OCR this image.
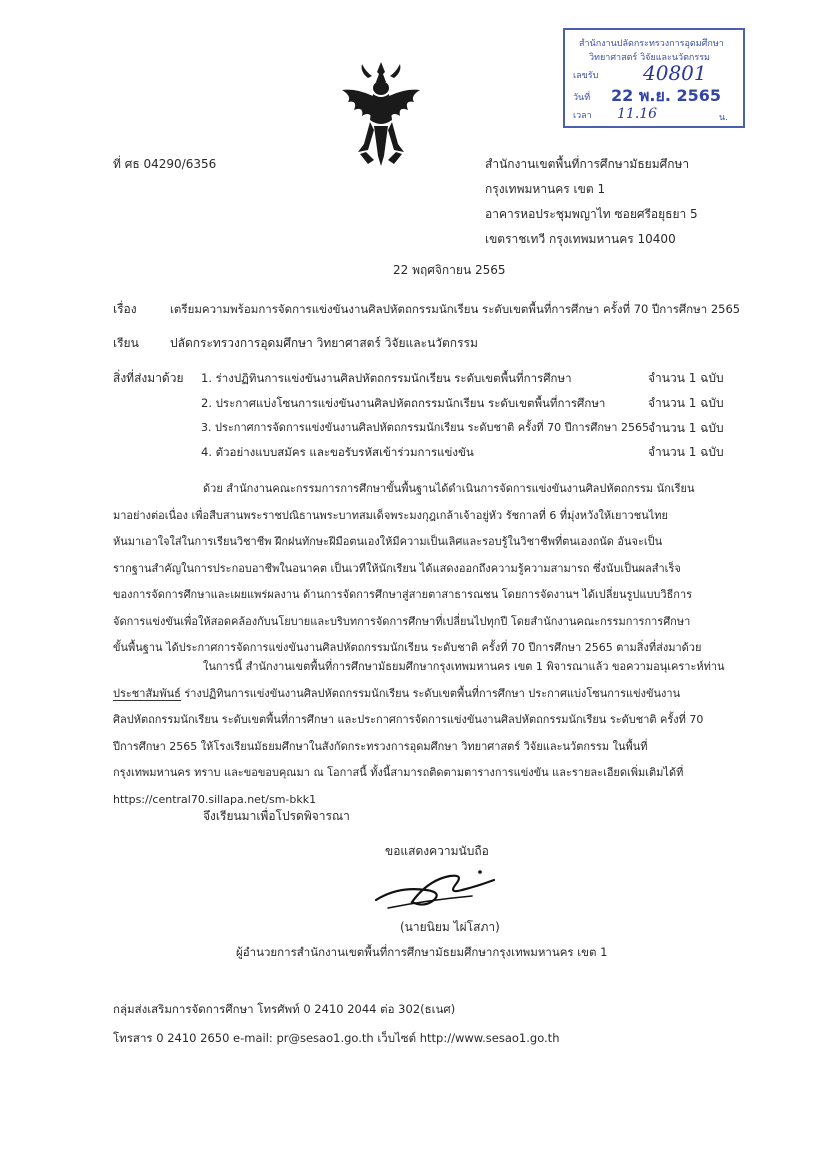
สำนักงานปลัดกระทรวงการอุดมศึกษา
วิทยาศาสตร์ วิจัยและนวัตกรรม
เลขรับ 40801
วันที่ 22 พ.ย. 2565
เวลา 11.16	น.
ที่ ศธ 04290/6356	สำนักงานเขตพื้นที่การศึกษามัธยมศึกษา
กรุงเทพมหานคร เขต 1
อาคารหอประชุมพญาไท ซอยศรีอยุธยา 5
เขตราชเทวี กรุงเทพมหานคร 10400
22 พฤศจิกายน 2565
เรื่อง	เตรียมความพร้อมการจัดการแข่งขันงานศิลปหัตถกรรมนักเรียน ระดับเขตพื้นที่การศึกษา ครั้งที่ 70 ปีการศึกษา 2565
เรียน	ปลัดกระทรวงการอุดมศึกษา วิทยาศาสตร์ วิจัยและนวัตกรรม
สิ่งที่ส่งมาด้วย 1. ร่างปฏิทินการแข่งขันงานศิลปหัตถกรรมนักเรียน ระดับเขตพื้นที่การศึกษา	จำนวน 1 ฉบับ
2. ประกาศแบ่งโซนการแข่งขันงานศิลปหัตถกรรมนักเรียน ระดับเขตพื้นที่การศึกษา	จำนวน 1 ฉบับ
3. ประกาศการจัดการแข่งขันงานศิลปหัตถกรรมนักเรียน ระดับชาติ ครั้งที่ 70 ปีการศึกษา 2565 จำนวน 1 ฉบับ
4. ตัวอย่างแบบสมัคร และขอรับรหัสเข้าร่วมการแข่งขัน	จำนวน 1 ฉบับ

ด้วย สำนักงานคณะกรรมการการศึกษาขั้นพื้นฐานได้ดำเนินการจัดการแข่งขันงานศิลปหัตถกรรม นักเรียน

มาอย่างต่อเนื่อง เพื่อสืบสานพระราชปณิธานพระบาทสมเด็จพระมงกุฎเกล้าเจ้าอยู่หัว รัชกาลที่ 6 ที่มุ่งหวังให้เยาวชนไทย

หันมาเอาใจใส่ในการเรียนวิชาชีพ ฝึกฝนทักษะฝีมือตนเองให้มีความเป็นเลิศและรอบรู้ในวิชาชีพที่ตนเองถนัด อันจะเป็น

รากฐานสำคัญในการประกอบอาชีพในอนาคต เป็นเวทีให้นักเรียน ได้แสดงออกถึงความรู้ความสามารถ ซึ่งนับเป็นผลสำเร็จ

ของการจัดการศึกษาและเผยแพร่ผลงาน ด้านการจัดการศึกษาสู่สายตาสาธารณชน โดยการจัดงานฯ ได้เปลี่ยนรูปแบบวิธีการ

จัดการแข่งขันเพื่อให้สอดคล้องกับนโยบายและบริบทการจัดการศึกษาที่เปลี่ยนไปทุกปี โดยสำนักงานคณะกรรมการการศึกษา

ขั้นพื้นฐาน ได้ประกาศการจัดการแข่งขันงานศิลปหัตถกรรมนักเรียน ระดับชาติ ครั้งที่ 70 ปีการศึกษา 2565 ตามสิ่งที่ส่งมาด้วย

ในการนี้ สำนักงานเขตพื้นที่การศึกษามัธยมศึกษากรุงเทพมหานคร เขต 1 พิจารณาแล้ว ขอความอนุเคราะห์ท่าน

ประชาสัมพันธ์ ร่างปฏิทินการแข่งขันงานศิลปหัตถกรรมนักเรียน ระดับเขตพื้นที่การศึกษา ประกาศแบ่งโซนการแข่งขันงาน

ศิลปหัตถกรรมนักเรียน ระดับเขตพื้นที่การศึกษา และประกาศการจัดการแข่งขันงานศิลปหัตถกรรมนักเรียน ระดับชาติ ครั้งที่ 70

ปีการศึกษา 2565 ให้โรงเรียนมัธยมศึกษาในสังกัดกระทรวงการอุดมศึกษา วิทยาศาสตร์ วิจัยและนวัตกรรม ในพื้นที่

กรุงเทพมหานคร ทราบ และขอขอบคุณมา ณ โอกาสนี้ ทั้งนี้สามารถติดตามตารางการแข่งขัน และรายละเอียดเพิ่มเติมได้ที่

https://central70.sillapa.net/sm-bkk1

จึงเรียนมาเพื่อโปรดพิจารณา
ขอแสดงความนับถือ
(นายนิยม ไผ่โสภา)
ผู้อำนวยการสำนักงานเขตพื้นที่การศึกษามัธยมศึกษากรุงเทพมหานคร เขต 1
กลุ่มส่งเสริมการจัดการศึกษา โทรศัพท์ 0 2410 2044 ต่อ 302(ธเนศ)
โทรสาร 0 2410 2650 e-mail: pr@sesao1.go.th เว็บไซต์ http://www.sesao1.go.th
